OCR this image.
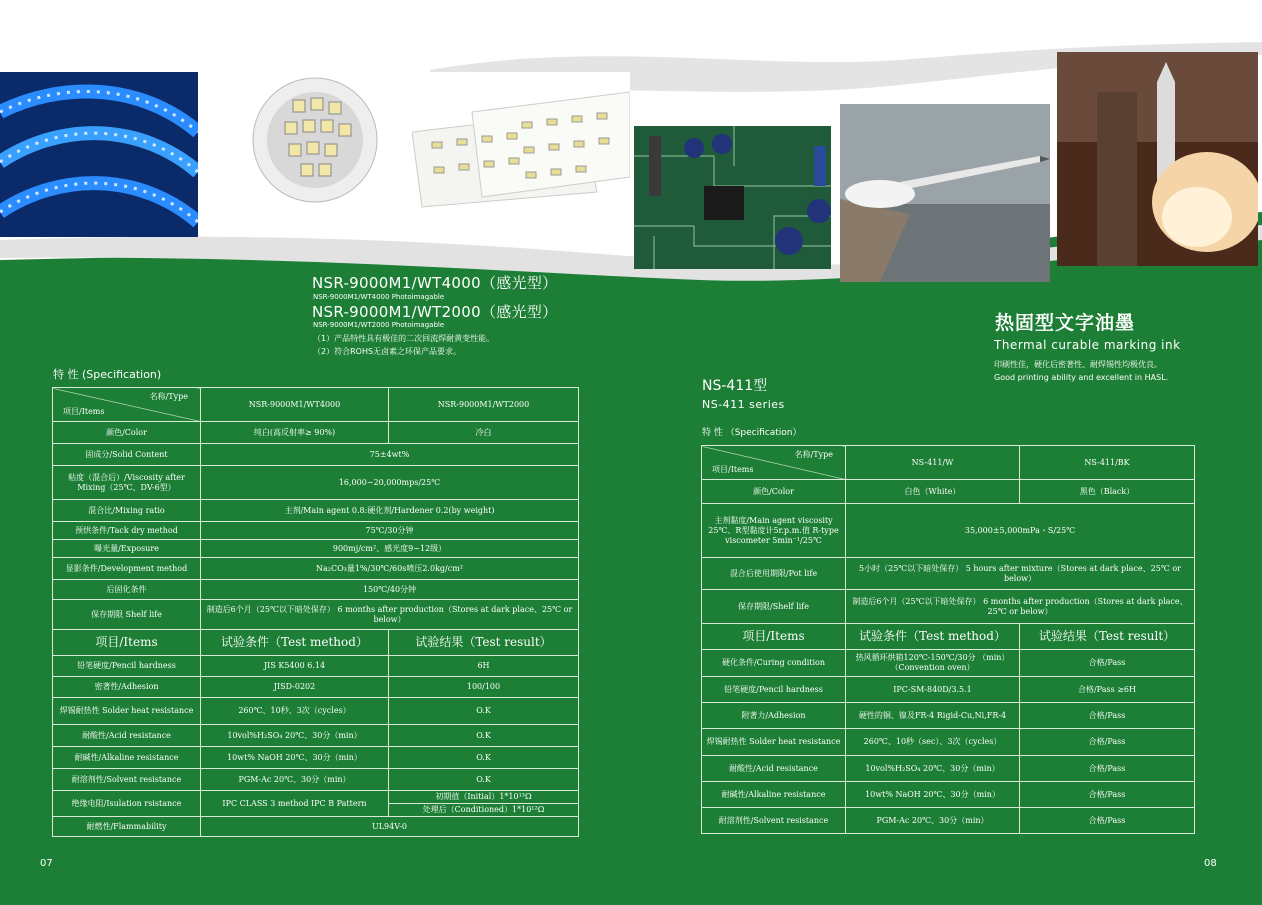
NSR-9000M1/WT4000（感光型）
NSR-9000M1/WT4000 Photoimagable
NSR-9000M1/WT2000（感光型）
NSR-9000M1/WT2000 Photoimagable
（1）产品特性具有极佳的二次回流焊耐黄变性能。
（2）符合ROHS无卤素之环保产品要求。
特 性 (Specification)
名称/Type
项目/Items	NSR-9000M1/WT4000	NSR-9000M1/WT2000
颜色/Color	纯白(高反射率≥ 90%)	冷白
固成分/Solid Content	75±4wt%	
粘度（混合后）/Viscosity after Mixing（25℃、DV-6型）	16,000~20,000mps/25℃	
混合比/Mixing ratio	主剂/Main agent 0.8:硬化剂/Hardener 0.2(by weight)	
预烘条件/Tack dry method	75℃/30分钟	
曝光量/Exposure	900mj/cm²、感光度9~12级）	
显影条件/Development method	Na₂CO₃量1%/30℃/60s喷压2.0kg/cm²	
后固化条件	150℃/40分钟	
保存期限 Shelf life	制造后6个月（25℃以下暗处保存） 6 months after production（Stores at dark place、25℃ or below）	
项目/Items	试验条件（Test method）	试验结果（Test result）
铅笔硬度/Pencil hardness	JIS K5400 6.14	6H
密著性/Adhesion	JISD-0202	100/100
焊锡耐热性 Solder heat resistance	260℃、10秒、3次（cycles）	O.K
耐酸性/Acid resistance	10vol%H₂SO₄ 20℃、30分（min）	O.K
耐碱性/Alkaline resistance	10wt% NaOH 20℃、30分（min）	O.K
耐溶剂性/Solvent resistance	PGM-Ac 20℃、30分（min）	O.K
绝缘电阻/Isulation rsistance	IPC CLASS 3 method IPC B Pattern	初期值（Initial）1*10¹³Ω
		处理后（Conditioned）1*10¹²Ω
耐燃性/Flammability	UL94V-0	
07
热固型文字油墨
Thermal curable marking ink
印刷性佳，硬化后密著性、耐焊锡性均极优良。
Good printing ability and excellent in HASL.
NS-411型
NS-411 series
特 性 （Specification）
名称/Type
项目/Items	NS-411/W	NS-411/BK
颜色/Color	白色（White）	黑色（Black）
主剂黏度/Main agent viscosity 25℃、R型黏度计5r.p.m.值 R-type viscometer 5min⁻¹/25℃	35,000±5,000mPa・S/25℃	
混合后使用期限/Pot life	5小时（25℃以下暗处保存） 5 hours after mixture（Stores at dark place、25℃ or below）	
保存期限/Shelf life	制造后6个月（25℃以下暗处保存） 6 months after production（Stores at dark place、25℃ or below）	
项目/Items	试验条件（Test method）	试验结果（Test result）
硬化条件/Curing condition	热风循环烘箱120℃-150℃/30分 （min）（Convention oven）	合格/Pass
铅笔硬度/Pencil hardness	IPC-SM-840D/3.5.1	合格/Pass ≥6H
附著力/Adhesion	硬性的铜、镍及FR-4 Rigid-Cu,Ni,FR-4	合格/Pass
焊锡耐热性 Solder heat resistance	260℃、10秒（sec）、3次（cycles）	合格/Pass
耐酸性/Acid resistance	10vol%H₂SO₄ 20℃、30分（min）	合格/Pass
耐碱性/Alkaline resistance	10wt% NaOH 20℃、30分（min）	合格/Pass
耐溶剂性/Solvent resistance	PGM-Ac 20℃、30分（min）	合格/Pass
08
